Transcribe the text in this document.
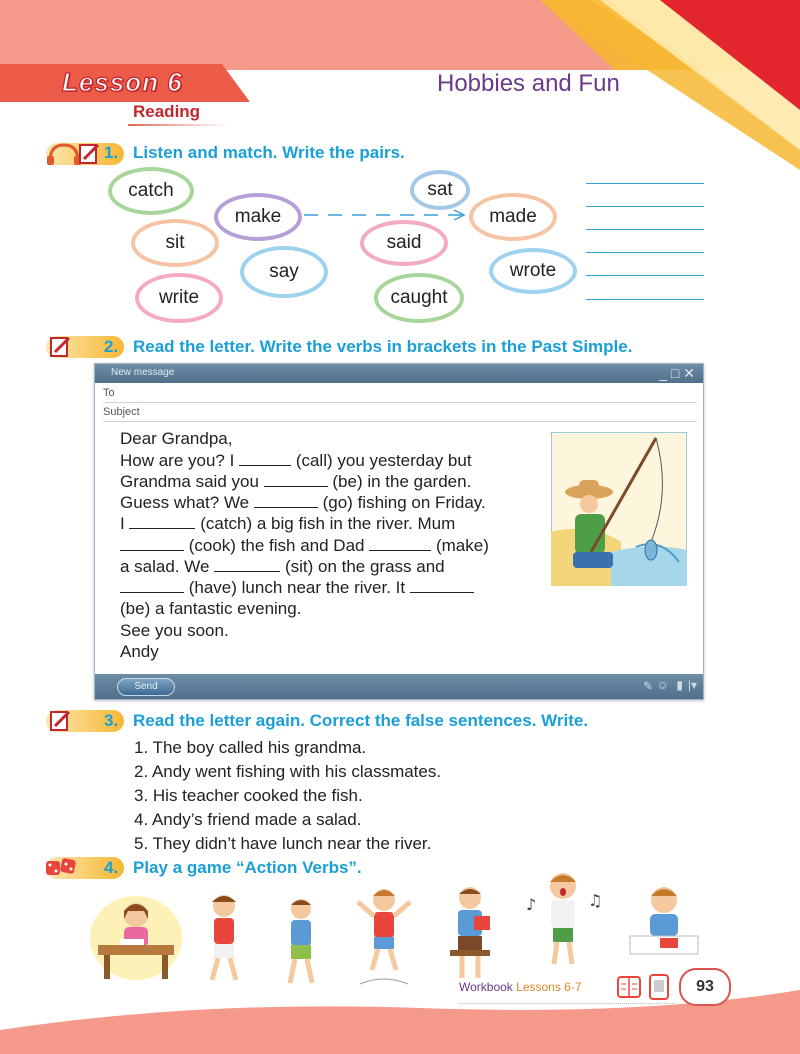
Lesson 6	Hobbies and Fun
Reading
1. Listen and match. Write the pairs.
catch
make
sit
say
write
sat
made
said
wrote
caught
2. Read the letter. Write the verbs in brackets in the Past Simple.
New message	_ □ ✕
To
Subject
Dear Grandpa,
How are you? I	(call) you yesterday but
Grandma said you	(be) in the garden.
Guess what? We	(go) fishing on Friday.
I	(catch) a big fish in the river. Mum
(cook) the fish and Dad	(make)
a salad. We	(sit) on the grass and
(have) lunch near the river. It
(be) a fantastic evening.
See you soon.
Andy
Send	✎ ☺ ▮ |▾
3. Read the letter again. Correct the false sentences. Write.
1. The boy called his grandma.
2. Andy went fishing with his classmates.
3. His teacher cooked the fish.
4. Andy’s friend made a salad.
5. They didn’t have lunch near the river.
4. Play a game “Action Verbs”.
♪	♫
Workbook Lessons 6-7	93
